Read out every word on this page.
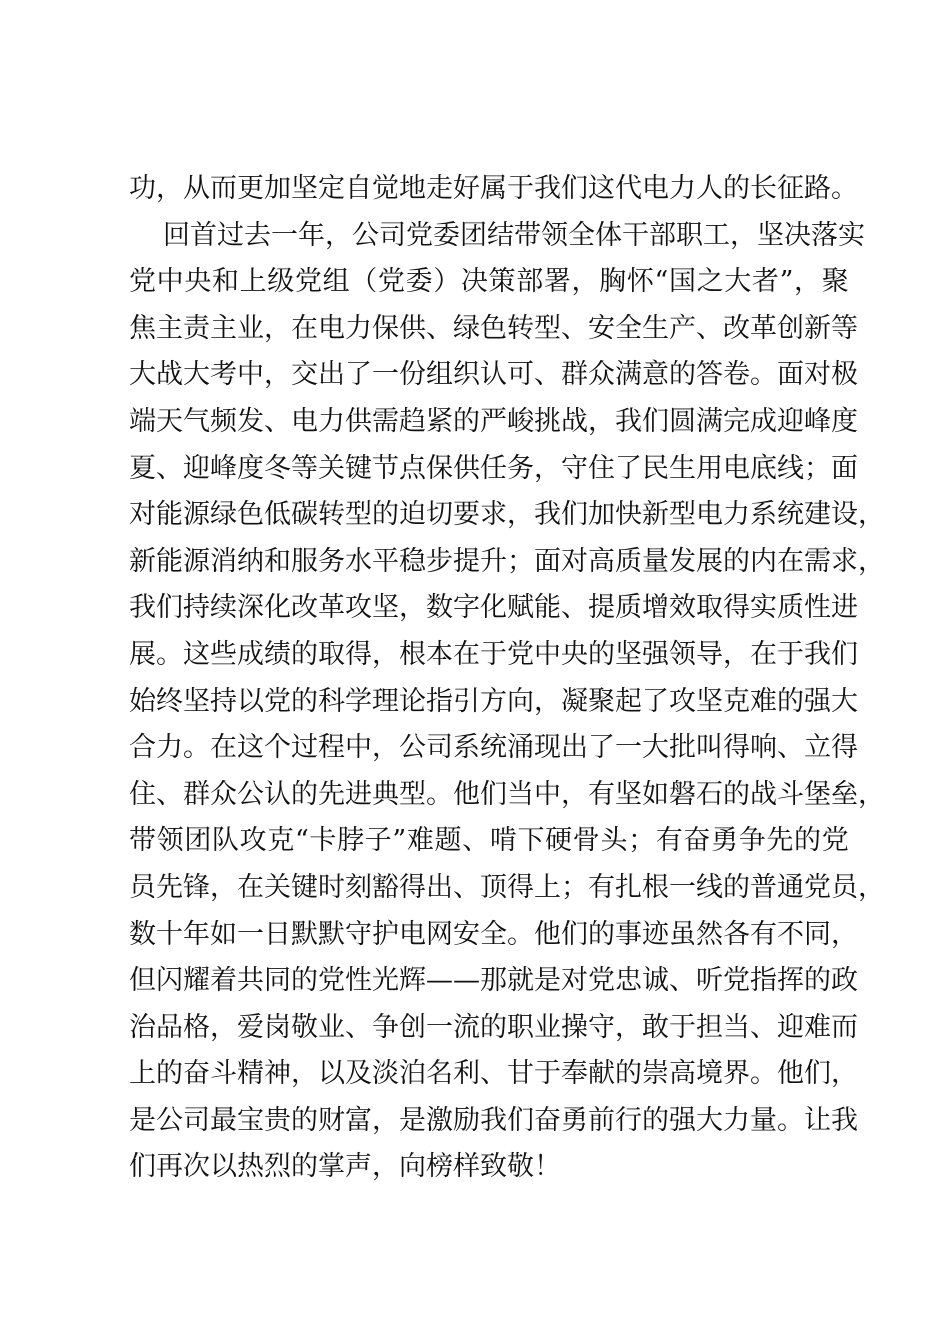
功，从而更加坚定自觉地走好属于我们这代电力人的长征路。
回 首 过 去 一 年 ， 公 司 党 委 团 结 带 领 全 体 干 部 职 工 ， 坚 决 落 实
党 中 央 和 上 级 党 组 （ 党 委 ） 决 策 部 署 ， 胸 怀 “ 国 之 大 者 ” ， 聚
焦 主 责 主 业 ， 在 电 力 保 供 、 绿 色 转 型 、 安 全 生 产 、 改 革 创 新 等
大 战 大 考 中 ， 交 出 了 一 份 组 织 认 可 、 群 众 满 意 的 答 卷 。 面 对 极
端 天 气 频 发 、 电 力 供 需 趋 紧 的 严 峻 挑 战 ， 我 们 圆 满 完 成 迎 峰 度
夏 、 迎 峰 度 冬 等 关 键 节 点 保 供 任 务 ， 守 住 了 民 生 用 电 底 线 ； 面
对 能 源 绿 色 低 碳 转 型 的 迫 切 要 求 ， 我 们 加 快 新 型 电 力 系 统 建 设 ，
新 能 源 消 纳 和 服 务 水 平 稳 步 提 升 ； 面 对 高 质 量 发 展 的 内 在 需 求 ，
我 们 持 续 深 化 改 革 攻 坚 ， 数 字 化 赋 能 、 提 质 增 效 取 得 实 质 性 进
展 。 这 些 成 绩 的 取 得 ， 根 本 在 于 党 中 央 的 坚 强 领 导 ， 在 于 我 们
始 终 坚 持 以 党 的 科 学 理 论 指 引 方 向 ， 凝 聚 起 了 攻 坚 克 难 的 强 大
合 力 。 在 这 个 过 程 中 ， 公 司 系 统 涌 现 出 了 一 大 批 叫 得 响 、 立 得
住 、 群 众 公 认 的 先 进 典 型 。 他 们 当 中 ， 有 坚 如 磐 石 的 战 斗 堡 垒 ，
带 领 团 队 攻 克 “ 卡 脖 子 ” 难 题 、 啃 下 硬 骨 头 ； 有 奋 勇 争 先 的 党
员 先 锋 ， 在 关 键 时 刻 豁 得 出 、 顶 得 上 ； 有 扎 根 一 线 的 普 通 党 员 ，
数 十 年 如 一 日 默 默 守 护 电 网 安 全 。 他 们 的 事 迹 虽 然 各 有 不 同 ，
但 闪 耀 着 共 同 的 党 性 光 辉 — — 那 就 是 对 党 忠 诚 、 听 党 指 挥 的 政
治 品 格 ， 爱 岗 敬 业 、 争 创 一 流 的 职 业 操 守 ， 敢 于 担 当 、 迎 难 而
上 的 奋 斗 精 神 ， 以 及 淡 泊 名 利 、 甘 于 奉 献 的 崇 高 境 界 。 他 们 ，
是 公 司 最 宝 贵 的 财 富 ， 是 激 励 我 们 奋 勇 前 行 的 强 大 力 量 。 让 我
们再次以热烈的掌声，向榜样致敬！
